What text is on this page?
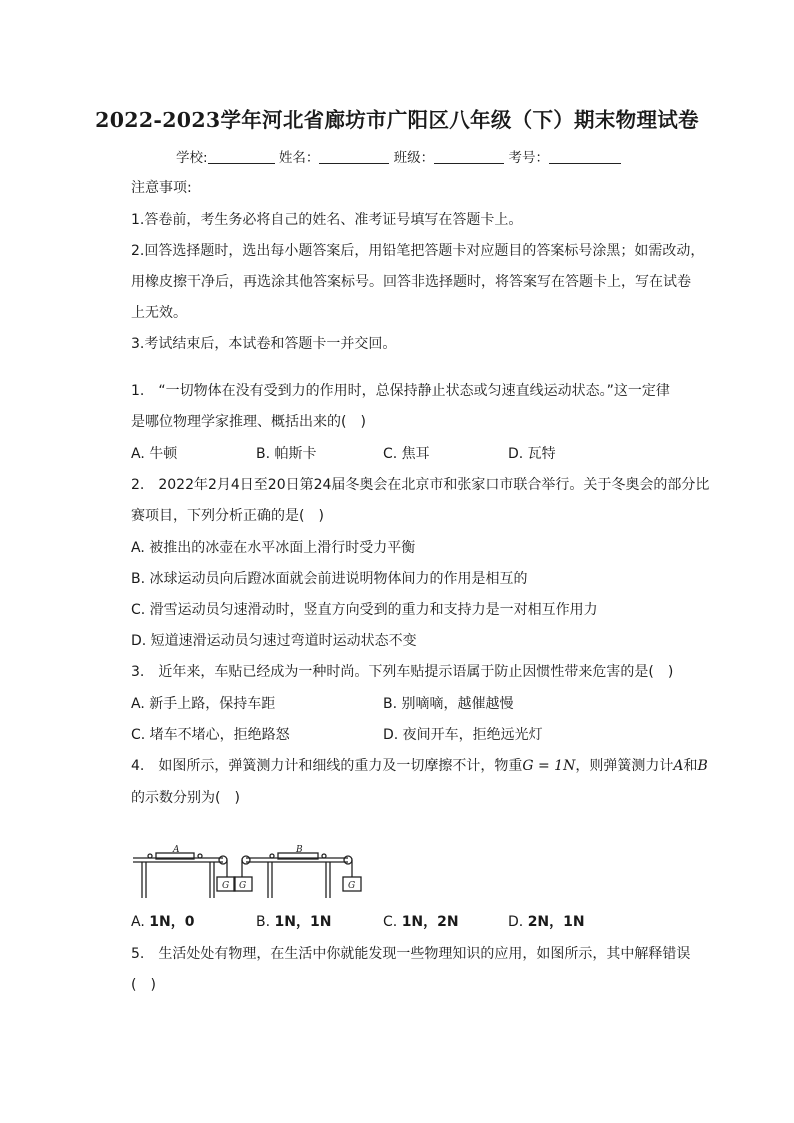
2022-2023学年河北省廊坊市广阳区八年级（下）期末物理试卷
学校:	姓名：	班级：	考号：
注意事项:
1.答卷前，考生务必将自己的姓名、准考证号填写在答题卡上。
2.回答选择题时，选出每小题答案后，用铅笔把答题卡对应题目的答案标号涂黑；如需改动，
用橡皮擦干净后，再选涂其他答案标号。回答非选择题时，将答案写在答题卡上，写在试卷
上无效。
3.考试结束后，本试卷和答题卡一并交回。
1.　“一切物体在没有受到力的作用时，总保持静止状态或匀速直线运动状态。”这一定律
是哪位物理学家推理、概括出来的(　)
A. 牛顿	B. 帕斯卡	C. 焦耳	D. 瓦特
2.　2022年2月4日至20日第24届冬奥会在北京市和张家口市联合举行。关于冬奥会的部分比
赛项目，下列分析正确的是(　)
A. 被推出的冰壶在水平冰面上滑行时受力平衡
B. 冰球运动员向后蹬冰面就会前进说明物体间力的作用是相互的
C. 滑雪运动员匀速滑动时，竖直方向受到的重力和支持力是一对相互作用力
D. 短道速滑运动员匀速过弯道时运动状态不变
3.　近年来，车贴已经成为一种时尚。下列车贴提示语属于防止因惯性带来危害的是(　)
A. 新手上路，保持车距	B. 别嘀嘀，越催越慢
C. 堵车不堵心，拒绝路怒	D. 夜间开车，拒绝远光灯
4.　如图所示，弹簧测力计和细线的重力及一切摩擦不计，物重G = 1N，则弹簧测力计A和B
的示数分别为(　)
A	B
G G	G
A. 1N，0	B. 1N，1N	C. 1N，2N	D. 2N，1N
5.　生活处处有物理，在生活中你就能发现一些物理知识的应用，如图所示，其中解释错误
(　)
